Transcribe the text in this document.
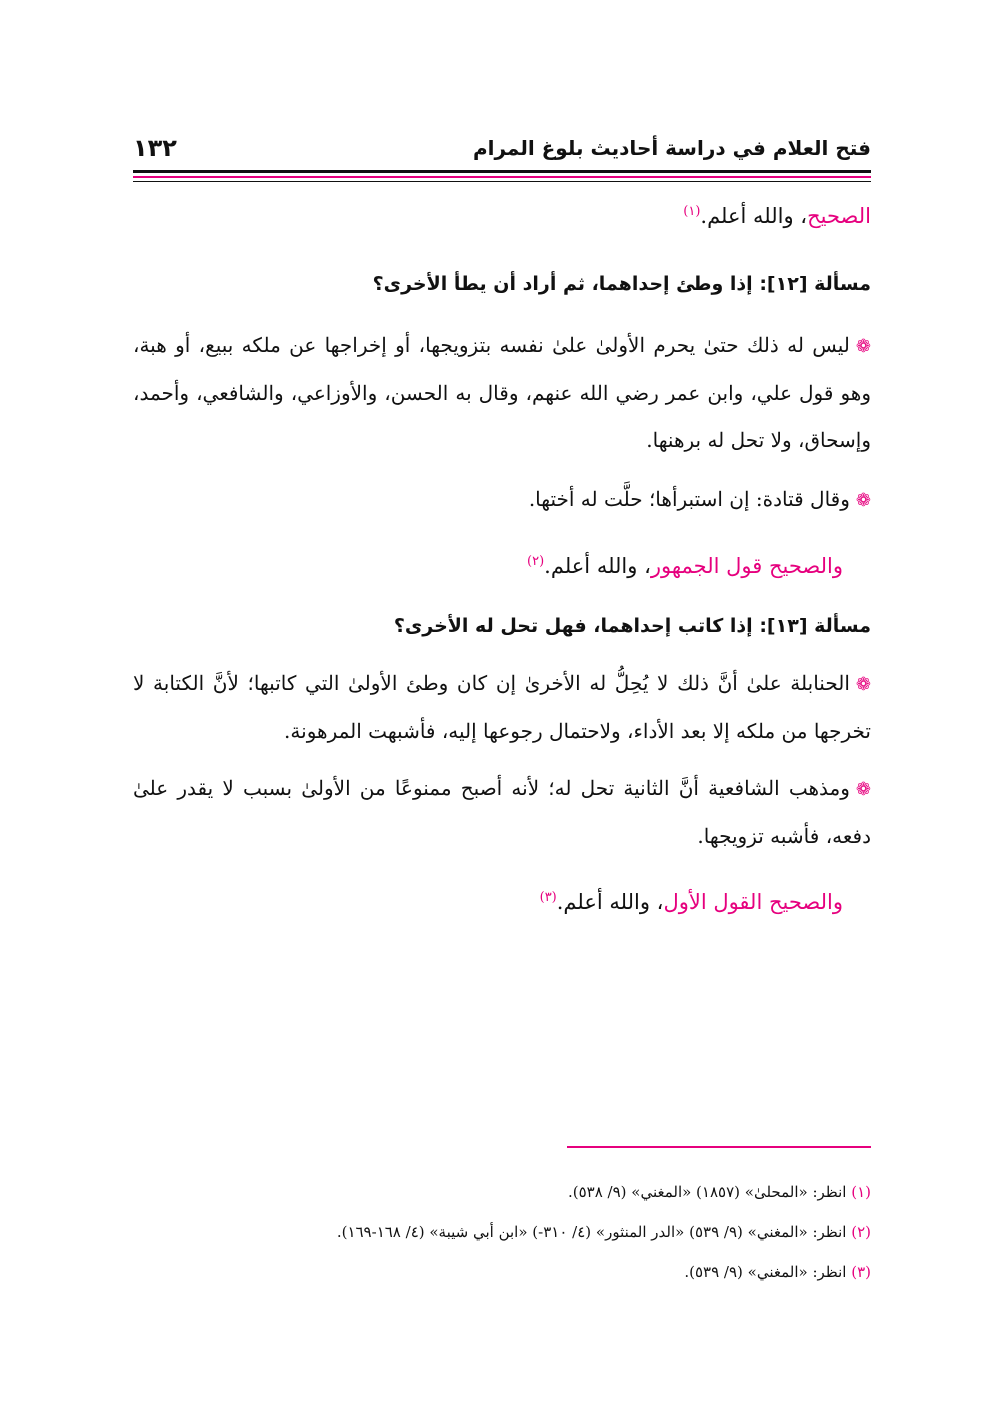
فتح العلام في دراسة أحاديث بلوغ المرام
١٣٢
الصحيح، والله أعلم.$^{(١)}$
مسألة [١٢]: إذا وطئ إحداهما، ثم أراد أن يطأ الأخرى؟
❁ليس له ذلك حتىٰ يحرم الأولىٰ علىٰ نفسه بتزويجها، أو إخراجها عن ملكه ببيع، أو هبة، وهو قول علي، وابن عمر رضي الله عنهم، وقال به الحسن، والأوزاعي، والشافعي، وأحمد، وإسحاق، ولا تحل له برهنها.
❁وقال قتادة: إن استبرأها؛ حلَّت له أختها.
والصحيح قول الجمهور، والله أعلم.$^{(٢)}$
مسألة [١٣]: إذا كاتب إحداهما، فهل تحل له الأخرى؟
❁الحنابلة علىٰ أنَّ ذلك لا يُحِلُّ له الأخرىٰ إن كان وطئ الأولىٰ التي كاتبها؛ لأنَّ الكتابة لا تخرجها من ملكه إلا بعد الأداء، ولاحتمال رجوعها إليه، فأشبهت المرهونة.
❁ومذهب الشافعية أنَّ الثانية تحل له؛ لأنه أصبح ممنوعًا من الأولىٰ بسبب لا يقدر علىٰ دفعه، فأشبه تزويجها.
والصحيح القول الأول، والله أعلم.$^{(٣)}$
(١) انظر: «المحلىٰ» (١٨٥٧) «المغني» (٩/ ٥٣٨).
(٢) انظر: «المغني» (٩/ ٥٣٩) «الدر المنثور» (٤/ ٣١٠-) «ابن أبي شيبة» (٤/ ١٦٨-١٦٩).
(٣) انظر: «المغني» (٩/ ٥٣٩).
